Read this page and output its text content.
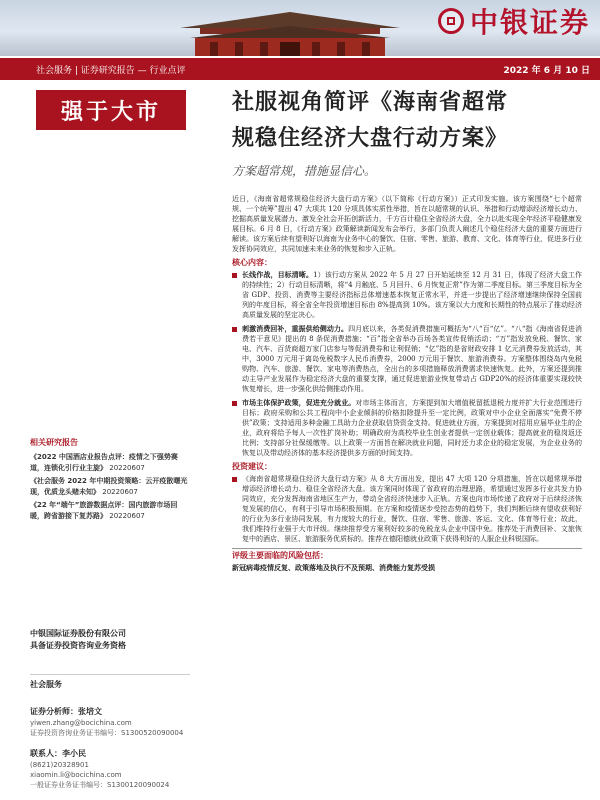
中银证券
社会服务 | 证券研究报告 — 行业点评	2022 年 6 月 10 日
强于大市
相关研究报告

《2022 中国酒店业报告点评：疫情之下强势赛道，连锁化引行业主旋》 20220607

《社会服务 2022 年中期投资策略：云开疫散曙光现，优质龙头赌未知》 20220607

《22 年“端午”旅游数据点评：国内旅游市场回暖，跨省游接下复苏路》 20220607

中银国际证券股份有限公司
具备证券投资咨询业务资格
社会服务
证券分析师：张培文
yiwen.zhang@bocichina.com
证券投资咨询业务证书编号：S1300520090004
联系人：李小民
(8621)20328901
xiaomin.li@bocichina.com
一般证券业务证书编号：S1300120090024
社服视角简评《海南省超常
规稳住经济大盘行动方案》
方案超常规，措施显信心。

近日，《海南省超常规稳住经济大盘行动方案》（以下简称《行动方案》）正式印发实施。该方案围绕“七个超常规、一个统筹”提出 47 大项共 120 分项具体实质性举措，旨在以超常规的认识、举措和行动增添经济增长动力、挖掘高质量发展潜力、激发全社会开拓创新活力，千方百计稳住全省经济大盘，全力以赴实现全年经济平稳健康发展目标。6 月 8 日，《行动方案》政策解读新闻发布会举行，多部门负责人阐述几个稳住经济大盘的重要方面进行解读。该方案后续有望利好以海南为业务中心的餐饮、住宿、零售、旅游、教育、文化、体育等行业，促进多行业发挥协同效应，共同加速未来业务的恢复和步入正轨。

核心内容：
长线作战，目标清晰。1）该行动方案从 2022 年 5 月 27 日开始延续至 12 月 31 日，体现了经济大盘工作的持续性；2）行动目标清晰，将“4 月触底、5 月回升、6 月恢复正常”作为第二季度目标。第三季度目标为全省 GDP、投资、消费等主要经济指标总体增速基本恢复正常水平，并进一步提出了经济增速继续保持全国前列的年度目标，将全省全年投资增速目标由 8%提高到 10%。该方案以大力度和长期性的特点展示了推动经济高质量发展的坚定决心。
刺激消费回补，重振供给侧动力。四月底以来，各类促消费措施可概括为“八“百“亿”。“八“指《海南省促进消费若干意见》提出的 8 条促消费措施；“百”指全省举办百场各类宣传促销活动；“万”指发放免税、餐饮、家电、汽车、百货商超万家门店参与等促消费券和让利促销；“亿”指的是省财政安排 1 亿元消费券发放活动，其中，3000 万元用于离岛免税数字人民币消费券，2000 万元用于餐饮、旅游消费券。方案整体围绕岛内免税购物、汽车、旅游、餐饮、家电等消费热点，全出台的多项措施释放消费需求快速恢复。此外，方案还提到推动主导产业发展作为稳定经济大盘的重要支撑，通过促进旅游业恢复带动占 GDP20%的经济体重要实现较快恢复增长，进一步强化供给侧推动作用。
市场主体保护政策，促进充分就业。对市场主体而言，方案提到加大增值税留抵退税力度并扩大行业范围进行目标；政府采购和公共工程向中小企业倾斜的价格扣除提升至一定比例，政策对中小企业全面落实“免费不停供”政策；支持适用多种金融工具助力企业获取信贷资金支持。促进就业方面，方案提到对招用应届毕业生的企业，政府将给予每人一次性扩岗补助；明确政府为高校毕业生创业者提供一定创业载体；提高就业的稳岗返还比例；支持部分社保缓缴等。以上政策一方面旨在解决就业问题，同时还力求企业的稳定发展，为企业业务的恢复以及带动经济体的基本经济提供多方面的时间支持。
投资建议：
《海南省超常规稳住经济大盘行动方案》从 8 大方面出发，提出 47 大项 120 分项措施，旨在以超常规举措增添经济增长动力、稳住全省经济大盘。该方案同时体现了省政府的治理思路，希望通过发挥多行业共发力协同效应，充分发挥海南省地区生产力，带动全省经济快速步入正轨。方案也向市场传递了政府对于后续经济恢复发展的信心，有利于引导市场积极预期。在方案和疫情逐步受控态势的趋势下，我们判断后续有望收获利好的行业为多行业协同发展，有力度较大的行业，餐饮、住宿、零售、旅游、客运、文化、体育等行业；故此，我们维持行业强于大市评级。继续推荐受方案利好较多的免税龙头企业中国中免。推荐处于消费回补、文旅恢复中的酒店、景区、旅游服务优质标的。推荐在德阳德就业政策下获得利好的人服企业科锐国际。
评级主要面临的风险包括：

新冠病毒疫情反复、政策落地及执行不及预期、消费能力复苏受损
